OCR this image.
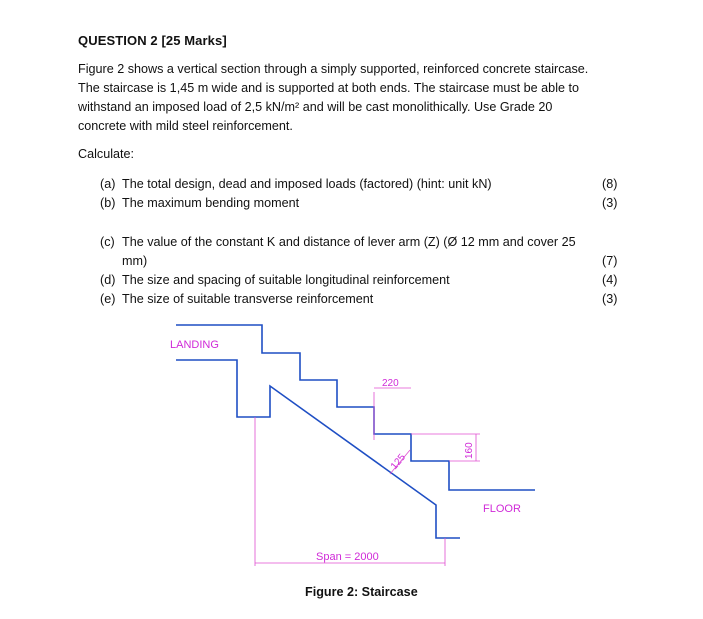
QUESTION 2 [25 Marks]
Figure 2 shows a vertical section through a simply supported, reinforced concrete staircase.
The staircase is 1,45 m wide and is supported at both ends. The staircase must be able to
withstand an imposed load of 2,5 kN/m² and will be cast monolithically. Use Grade 20
concrete with mild steel reinforcement.
Calculate:
(a) The total design, dead and imposed loads (factored) (hint: unit kN)	(8)
(b) The maximum bending moment	(3)
(c) The value of the constant K and distance of lever arm (Z) (Ø 12 mm and cover 25
mm)	(7)
(d) The size and spacing of suitable longitudinal reinforcement	(4)
(e) The size of suitable transverse reinforcement	(3)
LANDING
FLOOR
220
160
125
Span = 2000
Figure 2: Staircase
